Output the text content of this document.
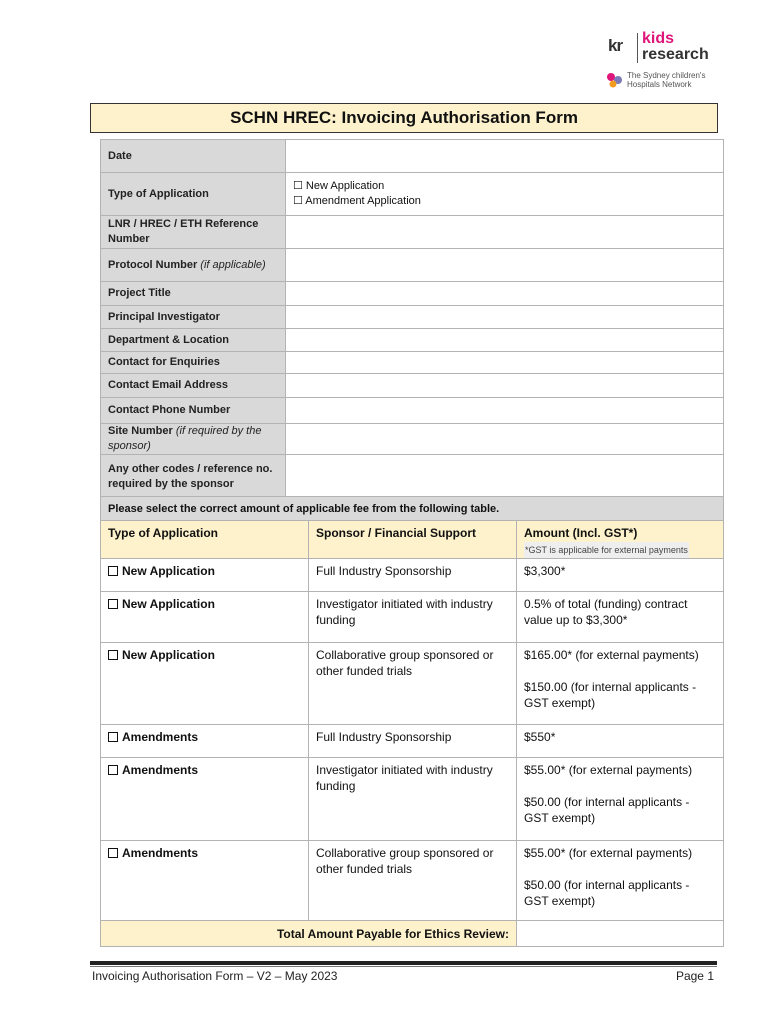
kr kids
research
The Sydney children's
Hospitals Network
SCHN HREC: Invoicing Authorisation Form
Date	
Type of Application	☐ New Application
☐ Amendment Application

LNR / HREC / ETH Reference Number	
Protocol Number (if applicable)	
Project Title	
Principal Investigator	
Department & Location	
Contact for Enquiries	
Contact Email Address	
Contact Phone Number	
Site Number (if required by the sponsor)	
Any other codes / reference no. required by the sponsor	
Please select the correct amount of applicable fee from the following table.		
Type of Application	Sponsor / Financial Support	Amount (Incl. GST*)
*GST is applicable for external payments
New Application	Full Industry Sponsorship	$3,300*
New Application	Investigator initiated with industry funding	0.5% of total (funding) contract value up to $3,300*
New Application	Collaborative group sponsored or other funded trials	$165.00* (for external payments)
$150.00 (for internal applicants - GST exempt)

Amendments	Full Industry Sponsorship	$550*
Amendments	Investigator initiated with industry funding	$55.00* (for external payments)
$50.00 (for internal applicants - GST exempt)

Amendments	Collaborative group sponsored or other funded trials	$55.00* (for external payments)
$50.00 (for internal applicants - GST exempt)

Total Amount Payable for Ethics Review:		
Invoicing Authorisation Form – V2 – May 2023	Page 1
